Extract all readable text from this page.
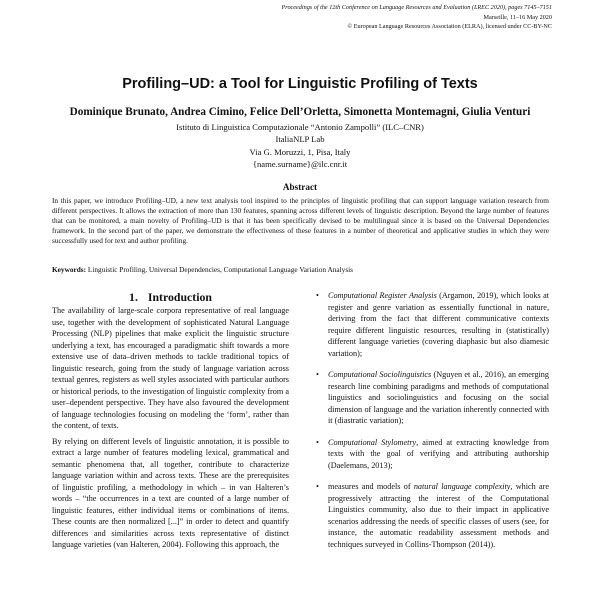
Proceedings of the 12th Conference on Language Resources and Evaluation (LREC 2020), pages 7145–7151
Marseille, 11–16 May 2020
© European Language Resources Association (ELRA), licensed under CC-BY-NC
Profiling–UD: a Tool for Linguistic Profiling of Texts
Dominique Brunato, Andrea Cimino, Felice Dell’Orletta, Simonetta Montemagni, Giulia Venturi
Istituto di Linguistica Computazionale “Antonio Zampolli” (ILC–CNR)
ItaliaNLP Lab
Via G. Moruzzi, 1, Pisa, Italy
{name.surname}@ilc.cnr.it
Abstract
In this paper, we introduce Profiling–UD, a new text analysis tool inspired to the principles of linguistic profiling that can support language variation research from different perspectives. It allows the extraction of more than 130 features, spanning across different levels of linguistic description. Beyond the large number of features that can be monitored, a main novelty of Profiling–UD is that it has been specifically devised to be multilingual since it is based on the Universal Dependencies framework. In the second part of the paper, we demonstrate the effectiveness of these features in a number of theoretical and applicative studies in which they were successfully used for text and author profiling.
Keywords: Linguistic Profiling, Universal Dependencies, Computational Language Variation Analysis
1. Introduction

The availability of large-scale corpora representative of real language use, together with the development of sophisticated Natural Language Processing (NLP) pipelines that make explicit the linguistic structure underlying a text, has encouraged a paradigmatic shift towards a more extensive use of data–driven methods to tackle traditional topics of linguistic research, going from the study of language variation across textual genres, registers as well styles associated with particular authors or historical periods, to the investigation of linguistic complexity from a user–dependent perspective. They have also favoured the development of language technologies focusing on modeling the ‘form’, rather than the content, of texts.

By relying on different levels of linguistic annotation, it is possible to extract a large number of features modeling lexical, grammatical and semantic phenomena that, all together, contribute to characterize language variation within and across texts. These are the prerequisites of linguistic profiling, a methodology in which – in van Halteren’s words – “the occurrences in a text are counted of a large number of linguistic features, either individual items or combinations of items. These counts are then normalized [...]” in order to detect and quantify differences and similarities across texts representative of distinct language varieties (van Halteren, 2004). Following this approach, the

• Computational Register Analysis (Argamon, 2019), which looks at register and genre variation as essentially functional in nature, deriving from the fact that different communicative contexts require different linguistic resources, resulting in (statistically) different language varieties (covering diaphasic but also diamesic variation);
• Computational Sociolinguistics (Nguyen et al., 2016), an emerging research line combining paradigms and methods of computational linguistics and sociolinguistics and focusing on the social dimension of language and the variation inherently connected with it (diastratic variation);
• Computational Stylometry, aimed at extracting knowledge from texts with the goal of verifying and attributing authorship (Daelemans, 2013);
• measures and models of natural language complexity, which are progressively attracting the interest of the Computational Linguistics community, also due to their impact in applicative scenarios addressing the needs of specific classes of users (see, for instance, the automatic readability assessment methods and techniques surveyed in Collins-Thompson (2014)).
